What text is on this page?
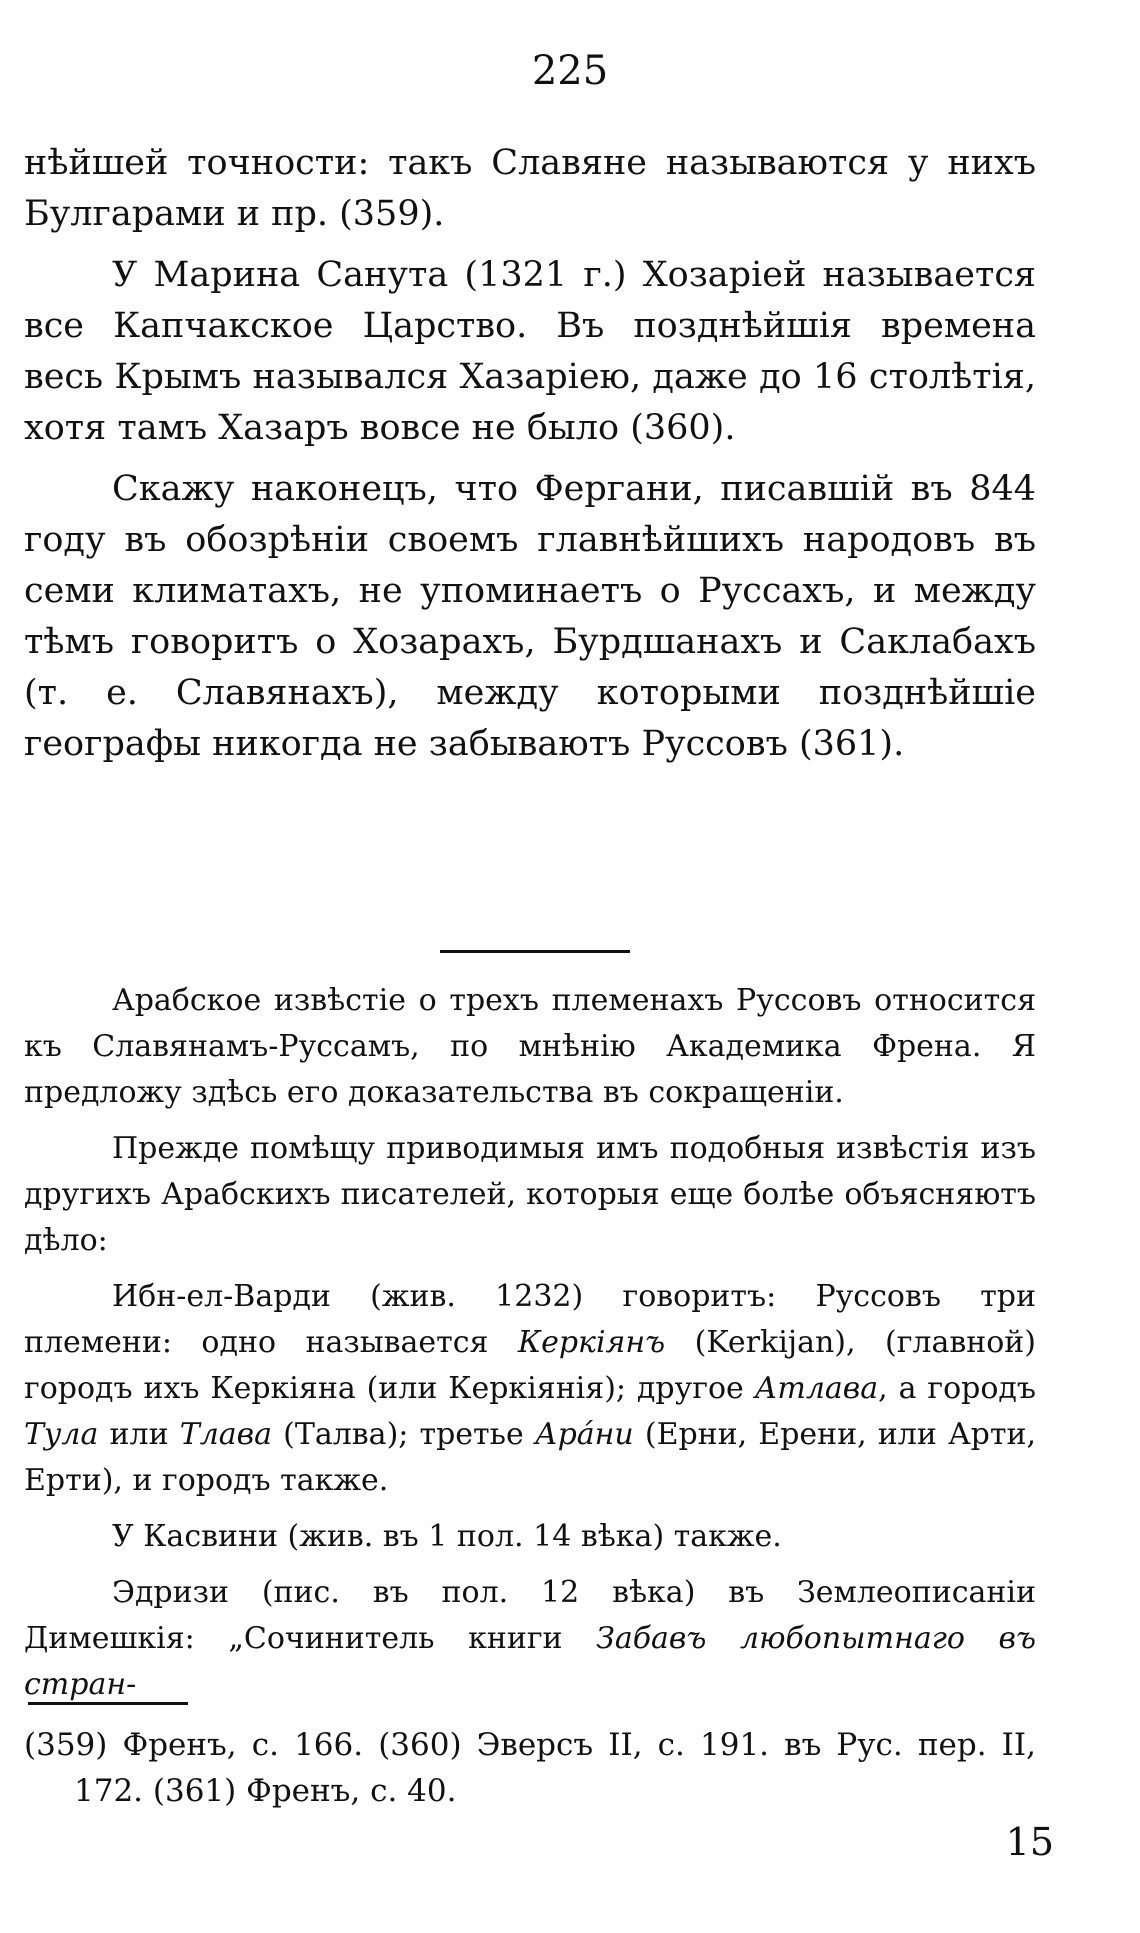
225

нѣйшей точности: такъ Славяне называются у нихъ Булгарами и пр. (359).

У Марина Санута (1321 г.) Хозаріей называется все Капчакское Царство. Въ позднѣйшія времена весь Крымъ назывался Хазаріею, даже до 16 столѣтія, хотя тамъ Хазаръ вовсе не было (360).

Скажу наконецъ, что Фергани, писавшій въ 844 году въ обозрѣніи своемъ главнѣйшихъ народовъ въ семи климатахъ, не упоминаетъ о Руссахъ, и между тѣмъ говоритъ о Хозарахъ, Бурдшанахъ и Саклабахъ (т. е. Славянахъ), между которыми позднѣйшіе географы никогда не забываютъ Руссовъ (361).

Арабское извѣстіе о трехъ племенахъ Руссовъ относится къ Славянамъ-Руссамъ, по мнѣнію Академика Френа. Я предложу здѣсь его доказательства въ сокращеніи.

Прежде помѣщу приводимыя имъ подобныя извѣстія изъ другихъ Арабскихъ писателей, которыя еще болѣе объясняютъ дѣло:

Ибн-ел-Варди (жив. 1232) говоритъ: Руссовъ три племени: одно называется Керкіянъ (Kerkijan), (главной) городъ ихъ Керкіяна (или Керкіянія); другое Атлава, а городъ Тула или Тлава (Талва); третье Арáни (Ерни, Ерени, или Арти, Ерти), и городъ также.

У Касвини (жив. въ 1 пол. 14 вѣка) также.

Эдризи (пис. въ пол. 12 вѣка) въ Землеописаніи Димешкія: „Сочинитель книги Забавъ любопытнаго въ стран-

(359) Френъ, с. 166. (360) Эверсъ II, с. 191. въ Рус. пер. II, 172. (361) Френъ, с. 40.

15
